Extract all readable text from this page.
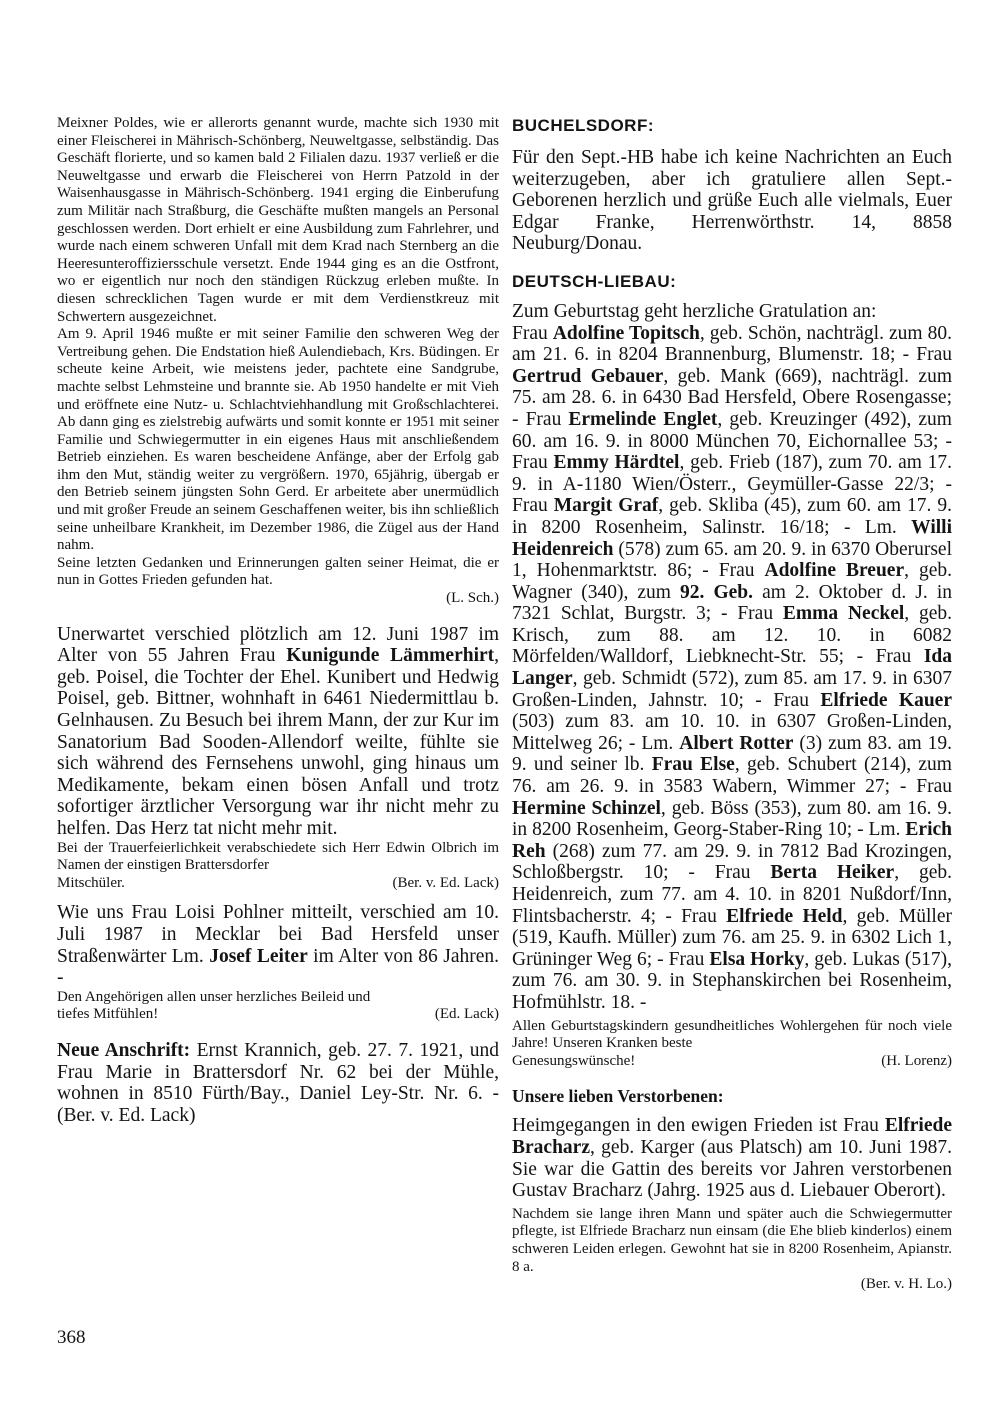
Meixner Poldes, wie er allerorts genannt wurde, machte sich 1930 mit einer Fleischerei in Mährisch-Schönberg, Neuweltgasse, selbständig. Das Geschäft florierte, und so kamen bald 2 Filialen dazu. 1937 verließ er die Neuweltgasse und erwarb die Fleischerei von Herrn Patzold in der Waisenhausgasse in Mährisch-Schönberg. 1941 erging die Einberufung zum Militär nach Straßburg, die Geschäfte mußten mangels an Personal geschlossen werden. Dort erhielt er eine Ausbildung zum Fahrlehrer, und wurde nach einem schweren Unfall mit dem Krad nach Sternberg an die Heeresunteroffiziersschule versetzt. Ende 1944 ging es an die Ostfront, wo er eigentlich nur noch den ständigen Rückzug erleben mußte. In diesen schrecklichen Tagen wurde er mit dem Verdienstkreuz mit Schwertern ausgezeichnet.

Am 9. April 1946 mußte er mit seiner Familie den schweren Weg der Vertreibung gehen. Die Endstation hieß Aulendiebach, Krs. Büdingen. Er scheute keine Arbeit, wie meistens jeder, pachtete eine Sandgrube, machte selbst Lehmsteine und brannte sie. Ab 1950 handelte er mit Vieh und eröffnete eine Nutz- u. Schlachtviehhandlung mit Großschlachterei. Ab dann ging es zielstrebig aufwärts und somit konnte er 1951 mit seiner Familie und Schwiegermutter in ein eigenes Haus mit anschließendem Betrieb einziehen. Es waren bescheidene Anfänge, aber der Erfolg gab ihm den Mut, ständig weiter zu vergrößern. 1970, 65jährig, übergab er den Betrieb seinem jüngsten Sohn Gerd. Er arbeitete aber unermüdlich und mit großer Freude an seinem Geschaffenen weiter, bis ihn schließlich seine unheilbare Krankheit, im Dezember 1986, die Zügel aus der Hand nahm.

Seine letzten Gedanken und Erinnerungen galten seiner Heimat, die er nun in Gottes Frieden gefunden hat.

(L. Sch.)

Unerwartet verschied plötzlich am 12. Juni 1987 im Alter von 55 Jahren Frau Kunigunde Lämmerhirt, geb. Poisel, die Tochter der Ehel. Kunibert und Hedwig Poisel, geb. Bittner, wohnhaft in 6461 Niedermittlau b. Gelnhausen. Zu Besuch bei ihrem Mann, der zur Kur im Sanatorium Bad Sooden-Allendorf weilte, fühlte sie sich während des Fernsehens unwohl, ging hinaus um Medikamente, bekam einen bösen Anfall und trotz sofortiger ärztlicher Versorgung war ihr nicht mehr zu helfen. Das Herz tat nicht mehr mit.

Bei der Trauerfeierlichkeit verabschiedete sich Herr Edwin Olbrich im Namen der einstigen Brattersdorfer

Mitschüler.	(Ber. v. Ed. Lack)

Wie uns Frau Loisi Pohlner mitteilt, verschied am 10. Juli 1987 in Mecklar bei Bad Hersfeld unser Straßenwärter Lm. Josef Leiter im Alter von 86 Jahren. -

Den Angehörigen allen unser herzliches Beileid und

tiefes Mitfühlen!	(Ed. Lack)

Neue Anschrift: Ernst Krannich, geb. 27. 7. 1921, und Frau Marie in Brattersdorf Nr. 62 bei der Mühle, wohnen in 8510 Fürth/Bay., Daniel Ley-Str. Nr. 6. - (Ber. v. Ed. Lack)

BUCHELSDORF:

Für den Sept.-HB habe ich keine Nachrichten an Euch weiterzugeben, aber ich gratuliere allen Sept.-Geborenen herzlich und grüße Euch alle vielmals, Euer Edgar Franke, Herrenwörthstr. 14, 8858 Neuburg/Donau.

DEUTSCH-LIEBAU:

Zum Geburtstag geht herzliche Gratulation an:

Frau Adolfine Topitsch, geb. Schön, nachträgl. zum 80. am 21. 6. in 8204 Brannenburg, Blumenstr. 18; - Frau Gertrud Gebauer, geb. Mank (669), nachträgl. zum 75. am 28. 6. in 6430 Bad Hersfeld, Obere Rosengasse; - Frau Ermelinde Englet, geb. Kreuzinger (492), zum 60. am 16. 9. in 8000 München 70, Eichornallee 53; - Frau Emmy Härdtel, geb. Frieb (187), zum 70. am 17. 9. in A-1180 Wien/Österr., Geymüller-Gasse 22/3; - Frau Margit Graf, geb. Skliba (45), zum 60. am 17. 9. in 8200 Rosenheim, Salinstr. 16/18; - Lm. Willi Heidenreich (578) zum 65. am 20. 9. in 6370 Oberursel 1, Hohenmarktstr. 86; - Frau Adolfine Breuer, geb. Wagner (340), zum 92. Geb. am 2. Oktober d. J. in 7321 Schlat, Burgstr. 3; - Frau Emma Neckel, geb. Krisch, zum 88. am 12. 10. in 6082 Mörfelden/Walldorf, Liebknecht-Str. 55; - Frau Ida Langer, geb. Schmidt (572), zum 85. am 17. 9. in 6307 Großen-Linden, Jahnstr. 10; - Frau Elfriede Kauer (503) zum 83. am 10. 10. in 6307 Großen-Linden, Mittelweg 26; - Lm. Albert Rotter (3) zum 83. am 19. 9. und seiner lb. Frau Else, geb. Schubert (214), zum 76. am 26. 9. in 3583 Wabern, Wimmer 27; - Frau Hermine Schinzel, geb. Böss (353), zum 80. am 16. 9. in 8200 Rosenheim, Georg-Staber-Ring 10; - Lm. Erich Reh (268) zum 77. am 29. 9. in 7812 Bad Krozingen, Schloßbergstr. 10; - Frau Berta Heiker, geb. Heidenreich, zum 77. am 4. 10. in 8201 Nußdorf/Inn, Flintsbacherstr. 4; - Frau Elfriede Held, geb. Müller (519, Kaufh. Müller) zum 76. am 25. 9. in 6302 Lich 1, Grüninger Weg 6; - Frau Elsa Horky, geb. Lukas (517), zum 76. am 30. 9. in Stephanskirchen bei Rosenheim, Hofmühlstr. 18. -

Allen Geburtstagskindern gesundheitliches Wohlergehen für noch viele Jahre! Unseren Kranken beste

Genesungswünsche!	(H. Lorenz)
Unsere lieben Verstorbenen:

Heimgegangen in den ewigen Frieden ist Frau Elfriede Bracharz, geb. Karger (aus Platsch) am 10. Juni 1987. Sie war die Gattin des bereits vor Jahren verstorbenen Gustav Bracharz (Jahrg. 1925 aus d. Liebauer Oberort).

Nachdem sie lange ihren Mann und später auch die Schwiegermutter pflegte, ist Elfriede Bracharz nun einsam (die Ehe blieb kinderlos) einem schweren Leiden erlegen. Gewohnt hat sie in 8200 Rosenheim, Apianstr. 8 a.

(Ber. v. H. Lo.)

368
